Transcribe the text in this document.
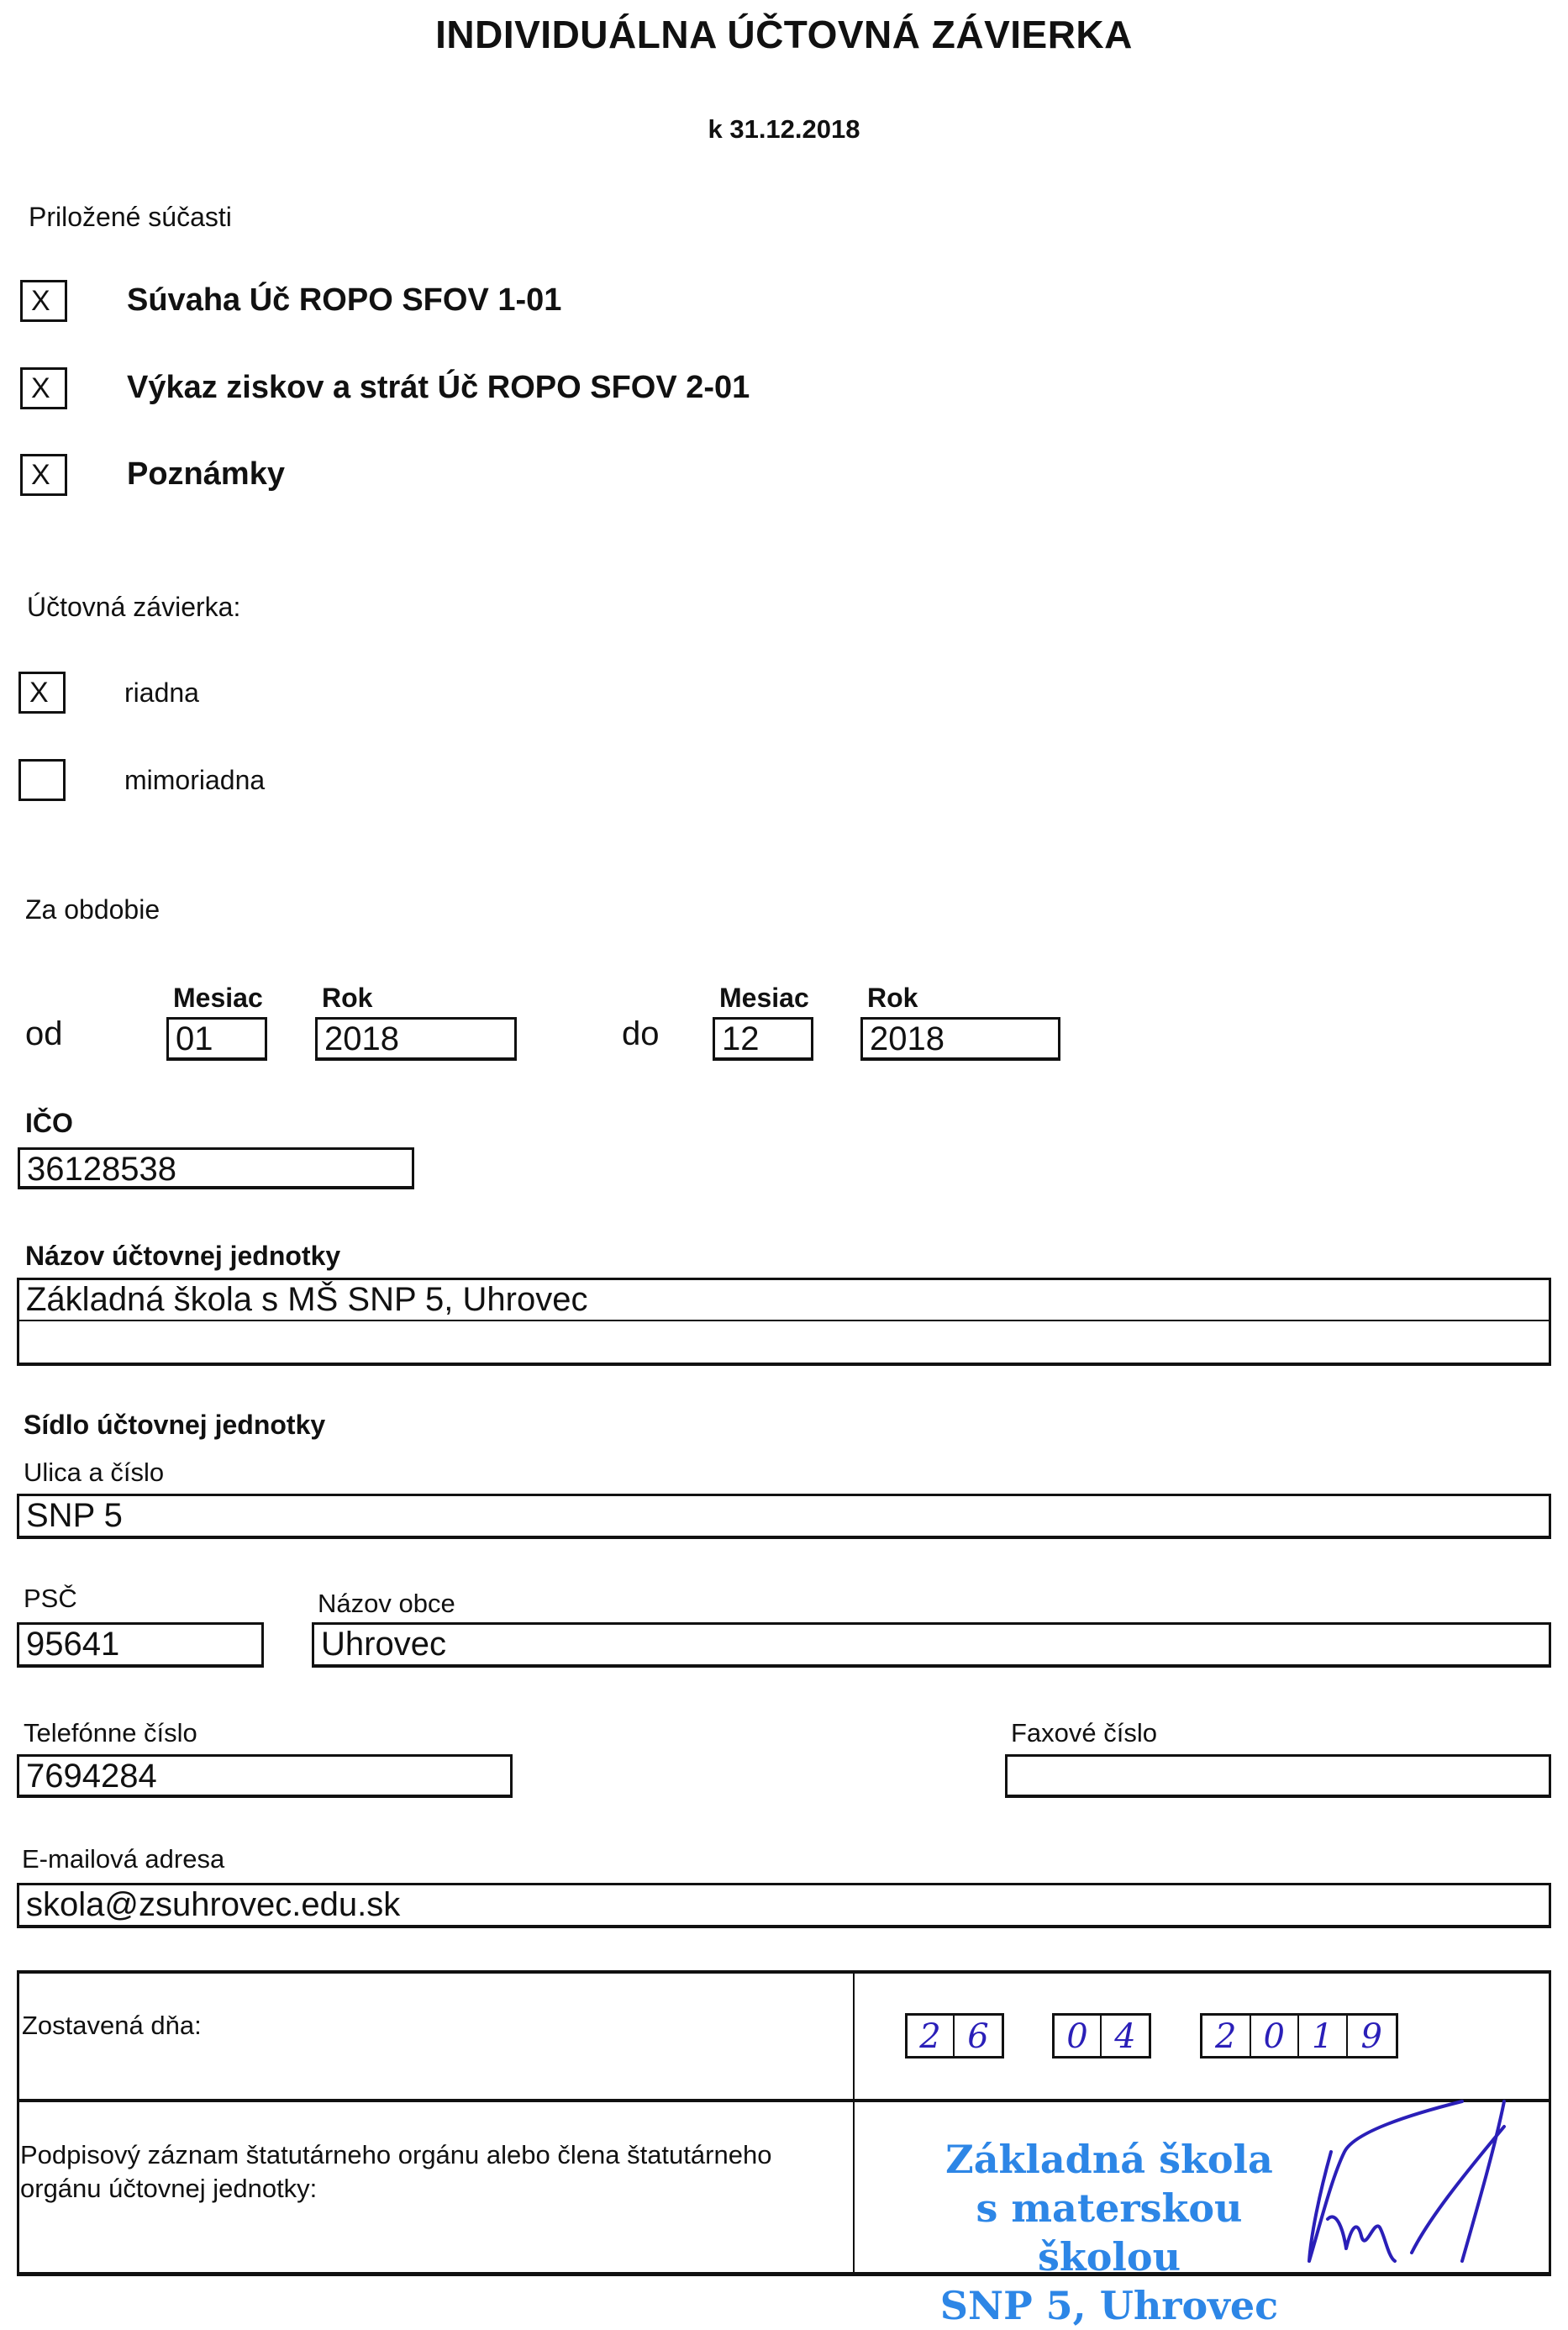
INDIVIDUÁLNA ÚČTOVNÁ ZÁVIERKA
k 31.12.2018
Priložené súčasti
X	Súvaha Úč ROPO SFOV 1-01
X	Výkaz ziskov a strát Úč ROPO SFOV 2-01
X	Poznámky
Účtovná závierka:
X	riadna
mimoriadna
Za obdobie
Mesiac Rok	Mesiac Rok
od	01	2018	do 12	2018
IČO
36128538
Názov účtovnej jednotky
Základná škola s MŠ SNP 5, Uhrovec
Sídlo účtovnej jednotky
Ulica a číslo
SNP 5
PSČ
95641
Názov obce
Uhrovec
Telefónne číslo
7694284
Faxové číslo
E-mailová adresa
skola@zsuhrovec.edu.sk
Zostavená dňa:	2 6	0 4	2 0 1 9
Podpisový záznam štatutárneho orgánu alebo člena štatutárneho orgánu účtovnej jednotky:
Základná škola
s materskou školou
SNP 5, Uhrovec
